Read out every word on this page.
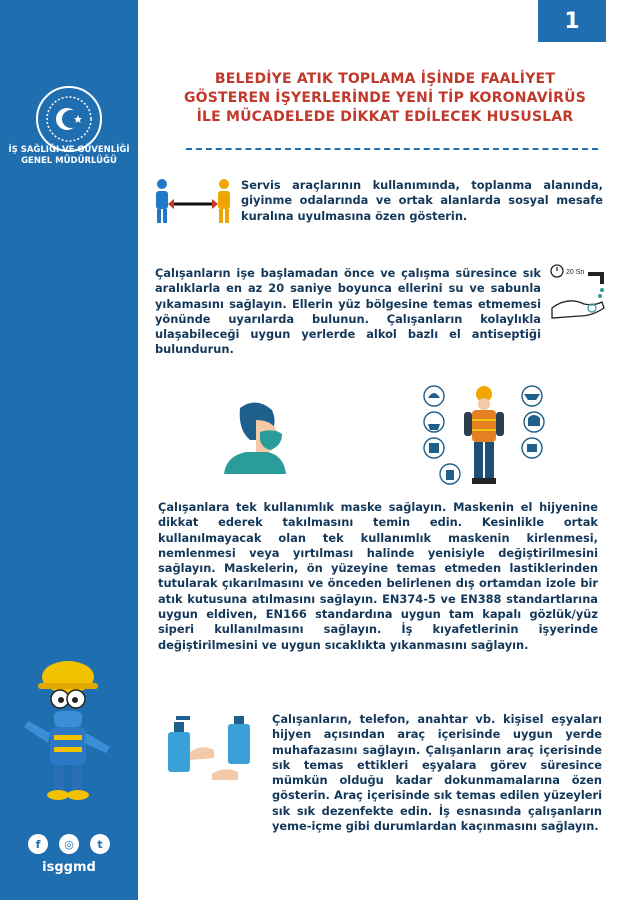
İŞ SAĞLIĞI VE GÜVENLİĞİ
GENEL MÜDÜRLÜĞÜ
f	◎	t
isggmd
1
BELEDİYE ATIK TOPLAMA İŞİNDE FAALİYET GÖSTEREN İŞYERLERİNDE YENİ TİP KORONAVİRÜS İLE MÜCADELEDE DİKKAT EDİLECEK HUSUSLAR
20 Sn

Servis araçlarının kullanımında, toplanma alanında, giyinme odalarında ve ortak alanlarda sosyal mesafe kuralına uyulmasına özen gösterin.

Çalışanların işe başlamadan önce ve çalışma süresince sık aralıklarla en az 20 saniye boyunca ellerini su ve sabunla yıkamasını sağlayın. Ellerin yüz bölgesine temas etmemesi yönünde uyarılarda bulunun. Çalışanların kolaylıkla ulaşabileceği uygun yerlerde alkol bazlı el antiseptiği bulundurun.

Çalışanlara tek kullanımlık maske sağlayın. Maskenin el hijyenine dikkat ederek takılmasını temin edin. Kesinlikle ortak kullanılmayacak olan tek kullanımlık maskenin kirlenmesi, nemlenmesi veya yırtılması halinde yenisiyle değiştirilmesini sağlayın. Maskelerin, ön yüzeyine temas etmeden lastiklerinden tutularak çıkarılmasını ve önceden belirlenen dış ortamdan izole bir atık kutusuna atılmasını sağlayın. EN374-5 ve EN388 standartlarına uygun eldiven, EN166 standardına uygun tam kapalı gözlük/yüz siperi kullanılmasını sağlayın. İş kıyafetlerinin işyerinde değiştirilmesini ve uygun sıcaklıkta yıkanmasını sağlayın.

Çalışanların, telefon, anahtar vb. kişisel eşyaları hijyen açısından araç içerisinde uygun yerde muhafazasını sağlayın. Çalışanların araç içerisinde sık temas ettikleri eşyalara görev süresince mümkün olduğu kadar dokunmamalarına özen gösterin. Araç içerisinde sık temas edilen yüzeyleri sık sık dezenfekte edin. İş esnasında çalışanların yeme-içme gibi durumlardan kaçınmasını sağlayın.
